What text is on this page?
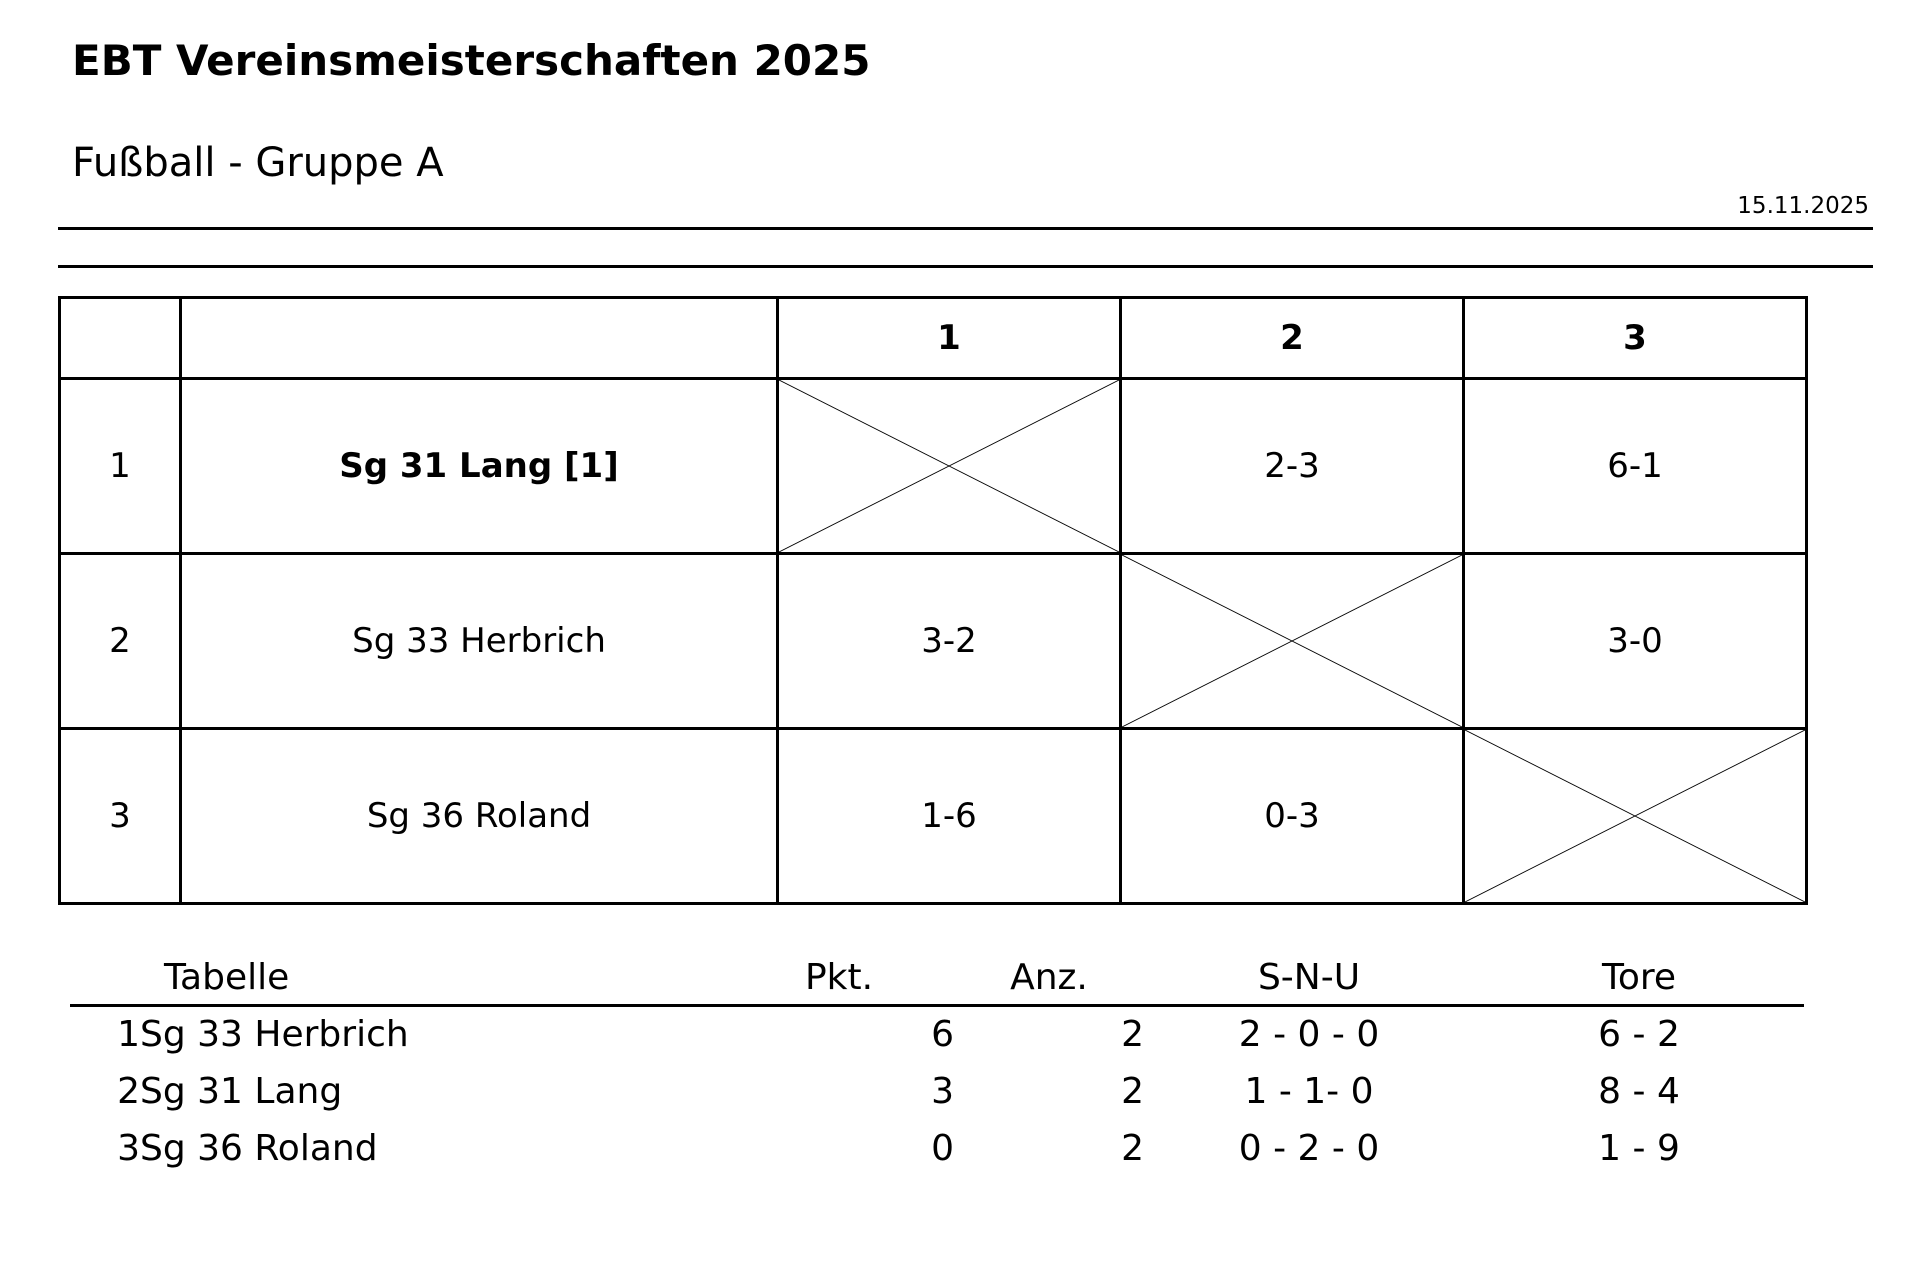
EBT Vereinsmeisterschaften 2025
Fußball - Gruppe A
15.11.2025
		1	2	3
1	Sg 31 Lang [1]		2-3	6-1
2	Sg 33 Herbrich	3-2		3-0
3	Sg 36 Roland	1-6	0-3	
	Tabelle	Pkt.	Anz.	S-N-U	Tore
1	Sg 33 Herbrich	6	2	2 - 0 - 0	6 - 2
2	Sg 31 Lang	3	2	1 - 1- 0	8 - 4
3	Sg 36 Roland	0	2	0 - 2 - 0	1 - 9
